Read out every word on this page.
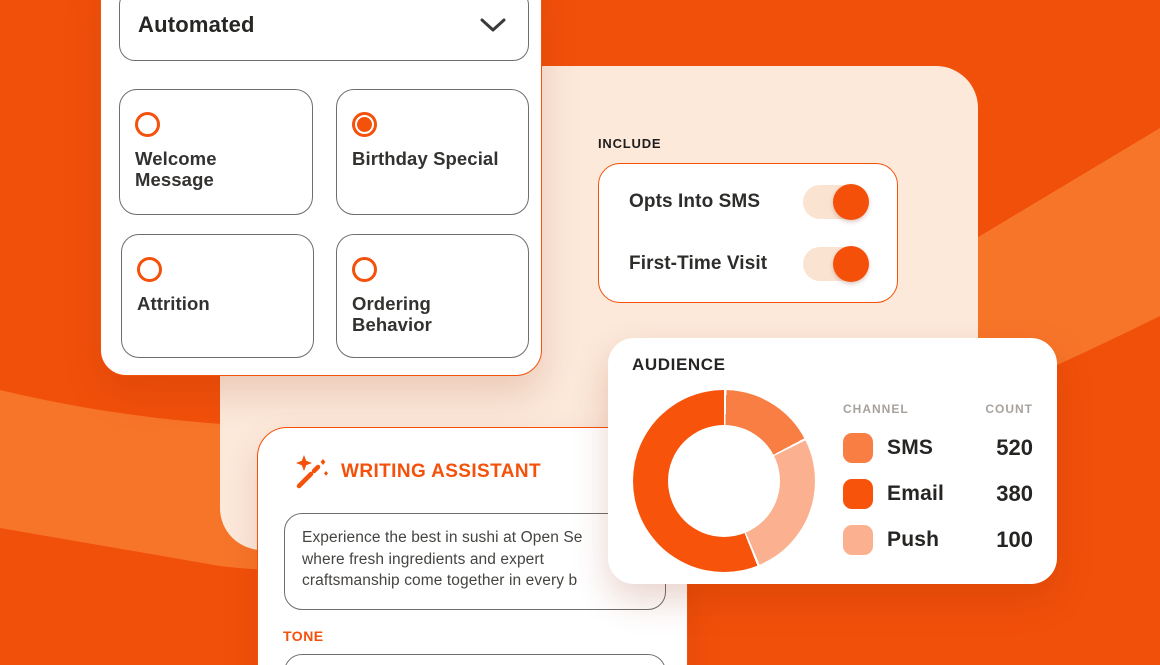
INCLUDE
Opts Into SMS
First-Time Visit
Automated
Welcome Message
Birthday Special
Attrition	Ordering Behavior
WRITING ASSISTANT
Experience the best in sushi at Open Se
where fresh ingredients and expert
craftsmanship come together in every b
TONE
AUDIENCE
CHANNEL	COUNT
SMS	520
Email	380
Push	100
